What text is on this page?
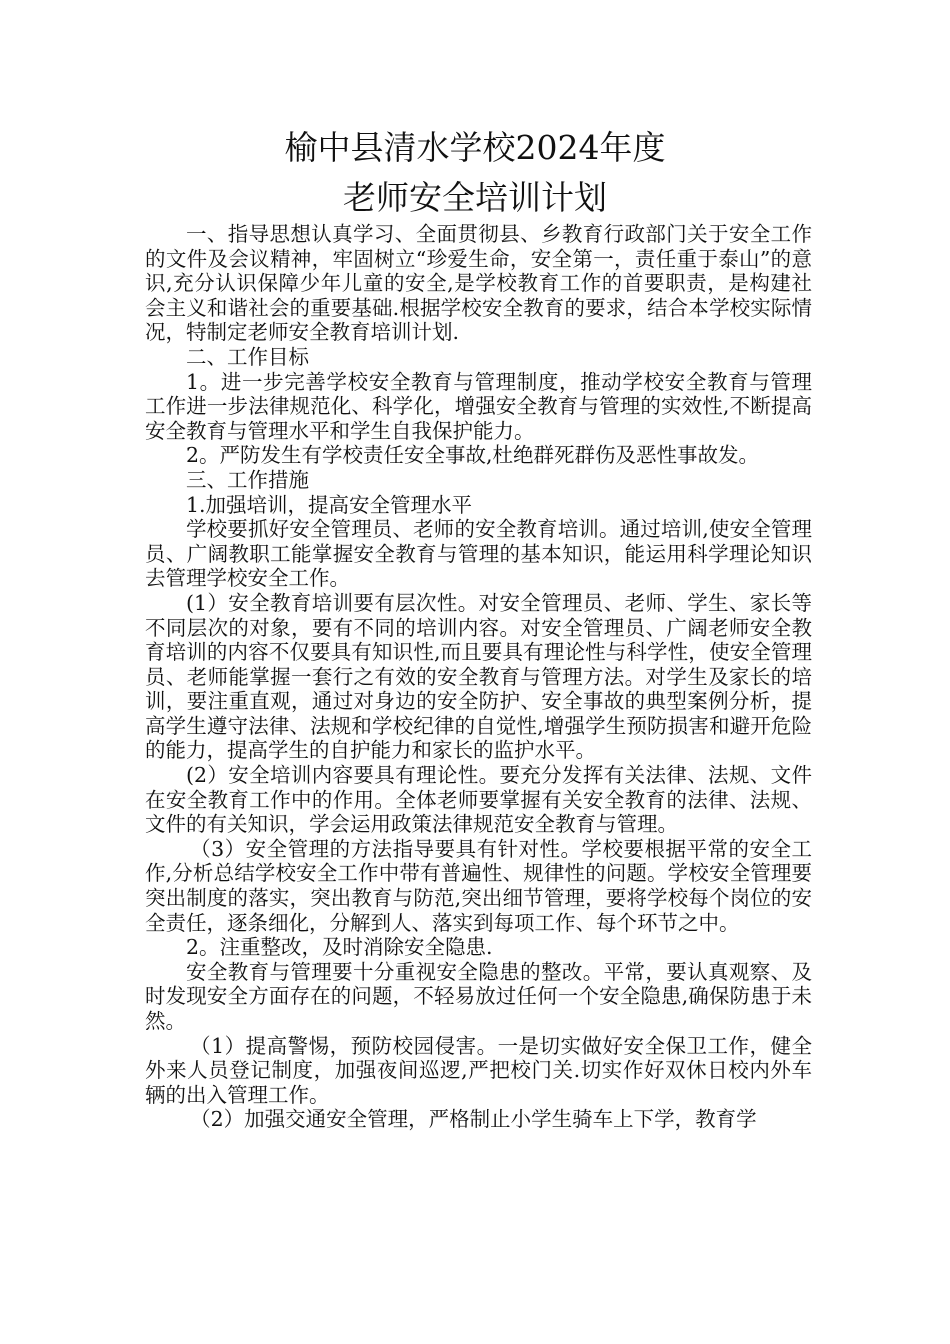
榆中县清水学校2024年度
老师安全培训计划

一、指导思想认真学习、全面贯彻县、乡教育行政部门关于安全工作的文件及会议精神，牢固树立“珍爱生命，安全第一，责任重于泰山”的意识,充分认识保障少年儿童的安全,是学校教育工作的首要职责，是构建社会主义和谐社会的重要基础.根据学校安全教育的要求，结合本学校实际情况，特制定老师安全教育培训计划.

二、工作目标

1。进一步完善学校安全教育与管理制度，推动学校安全教育与管理工作进一步法律规范化、科学化，增强安全教育与管理的实效性,不断提高安全教育与管理水平和学生自我保护能力。

2。严防发生有学校责任安全事故,杜绝群死群伤及恶性事故发。

三、工作措施

1.加强培训，提高安全管理水平

学校要抓好安全管理员、老师的安全教育培训。通过培训,使安全管理员、广阔教职工能掌握安全教育与管理的基本知识，能运用科学理论知识去管理学校安全工作。

(1）安全教育培训要有层次性。对安全管理员、老师、学生、家长等不同层次的对象，要有不同的培训内容。对安全管理员、广阔老师安全教育培训的内容不仅要具有知识性,而且要具有理论性与科学性，使安全管理员、老师能掌握一套行之有效的安全教育与管理方法。对学生及家长的培训，要注重直观，通过对身边的安全防护、安全事故的典型案例分析，提高学生遵守法律、法规和学校纪律的自觉性,增强学生预防损害和避开危险的能力，提高学生的自护能力和家长的监护水平。

(2）安全培训内容要具有理论性。要充分发挥有关法律、法规、文件在安全教育工作中的作用。全体老师要掌握有关安全教育的法律、法规、文件的有关知识，学会运用政策法律规范安全教育与管理。

（3）安全管理的方法指导要具有针对性。学校要根据平常的安全工作,分析总结学校安全工作中带有普遍性、规律性的问题。学校安全管理要突出制度的落实，突出教育与防范,突出细节管理，要将学校每个岗位的安全责任，逐条细化，分解到人、落实到每项工作、每个环节之中。

2。注重整改，及时消除安全隐患.

安全教育与管理要十分重视安全隐患的整改。平常，要认真观察、及时发现安全方面存在的问题，不轻易放过任何一个安全隐患,确保防患于未然。

（1）提高警惕，预防校园侵害。一是切实做好安全保卫工作，健全外来人员登记制度，加强夜间巡逻,严把校门关.切实作好双休日校内外车辆的出入管理工作。

（2）加强交通安全管理，严格制止小学生骑车上下学，教育学
